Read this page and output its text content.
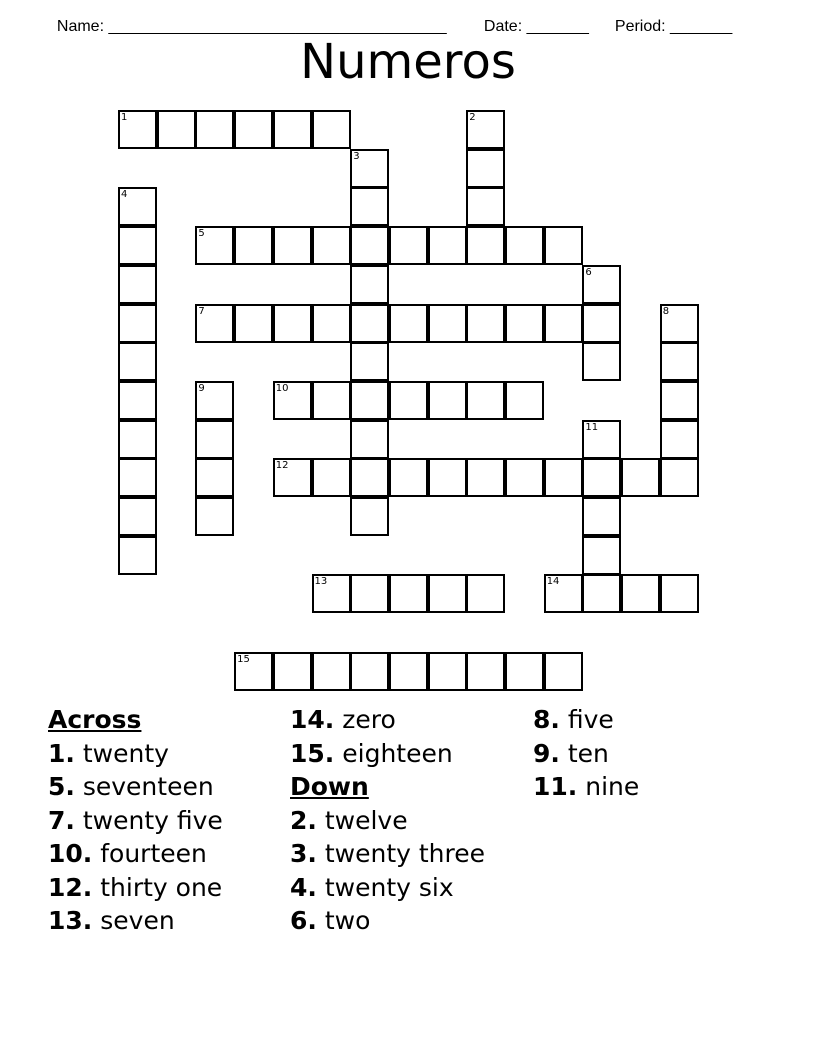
Name: ______________________________________	Date: _______	Period: _______

Numeros
1
5
7
10
12
13	14
15
2
3
4
6
8
9
11
Across
1. twenty
5. seventeen
7. twenty five
10. fourteen
12. thirty one
13. seven
14. zero
15. eighteen
Down
2. twelve
3. twenty three
4. twenty six
6. two
8. five
9. ten
11. nine
